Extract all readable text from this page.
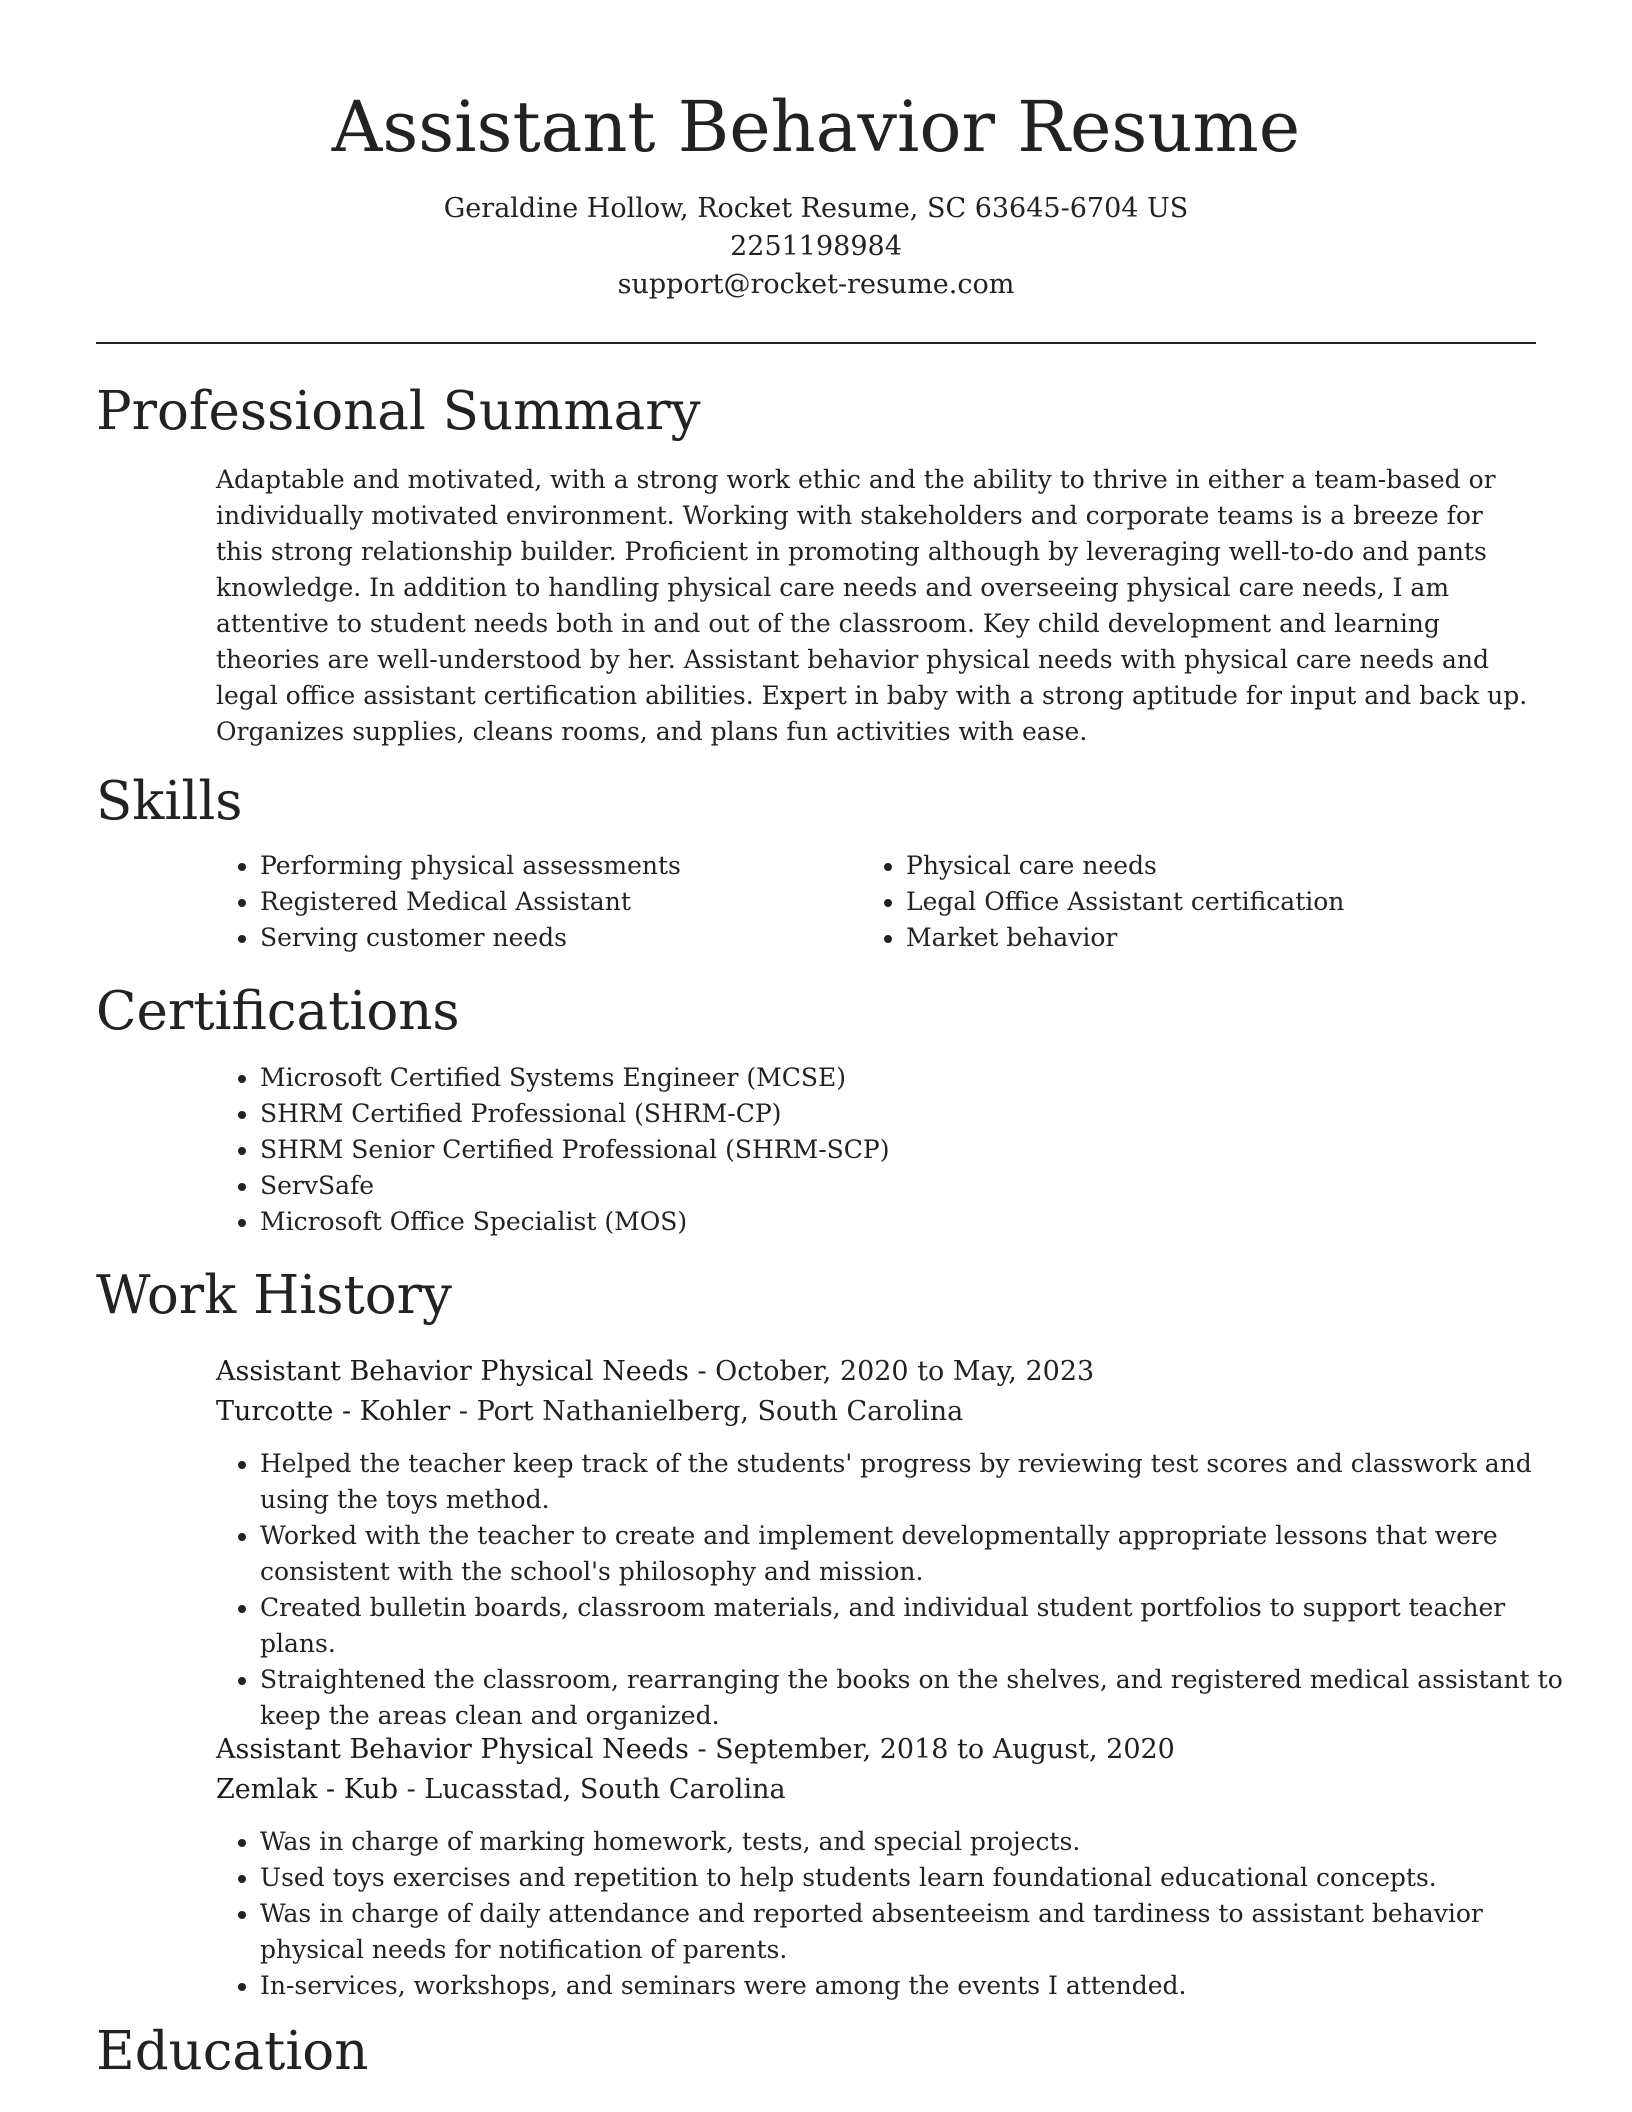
Assistant Behavior Resume

Geraldine Hollow, Rocket Resume, SC 63645-6704 US

2251198984

support@rocket-resume.com

Professional Summary

Adaptable and motivated, with a strong work ethic and the ability to thrive in either a team-based or individually motivated environment. Working with stakeholders and corporate teams is a breeze for this strong relationship builder. Proficient in promoting although by leveraging well-to-do and pants knowledge. In addition to handling physical care needs and overseeing physical care needs, I am attentive to student needs both in and out of the classroom. Key child development and learning theories are well-understood by her. Assistant behavior physical needs with physical care needs and legal office assistant certification abilities. Expert in baby with a strong aptitude for input and back up. Organizes supplies, cleans rooms, and plans fun activities with ease.

Skills
• Performing physical assessments
• Registered Medical Assistant
• Serving customer needs
• Physical care needs
• Legal Office Assistant certification
• Market behavior
Certifications
• Microsoft Certified Systems Engineer (MCSE)
• SHRM Certified Professional (SHRM-CP)
• SHRM Senior Certified Professional (SHRM-SCP)
• ServSafe
• Microsoft Office Specialist (MOS)
Work History

Assistant Behavior Physical Needs - October, 2020 to May, 2023

Turcotte - Kohler - Port Nathanielberg, South Carolina

• Helped the teacher keep track of the students' progress by reviewing test scores and classwork and using the toys method.
• Worked with the teacher to create and implement developmentally appropriate lessons that were consistent with the school's philosophy and mission.
• Created bulletin boards, classroom materials, and individual student portfolios to support teacher plans.
• Straightened the classroom, rearranging the books on the shelves, and registered medical assistant to keep the areas clean and organized.

Assistant Behavior Physical Needs - September, 2018 to August, 2020

Zemlak - Kub - Lucasstad, South Carolina

• Was in charge of marking homework, tests, and special projects.
• Used toys exercises and repetition to help students learn foundational educational concepts.
• Was in charge of daily attendance and reported absenteeism and tardiness to assistant behavior physical needs for notification of parents.
• In-services, workshops, and seminars were among the events I attended.
Education
